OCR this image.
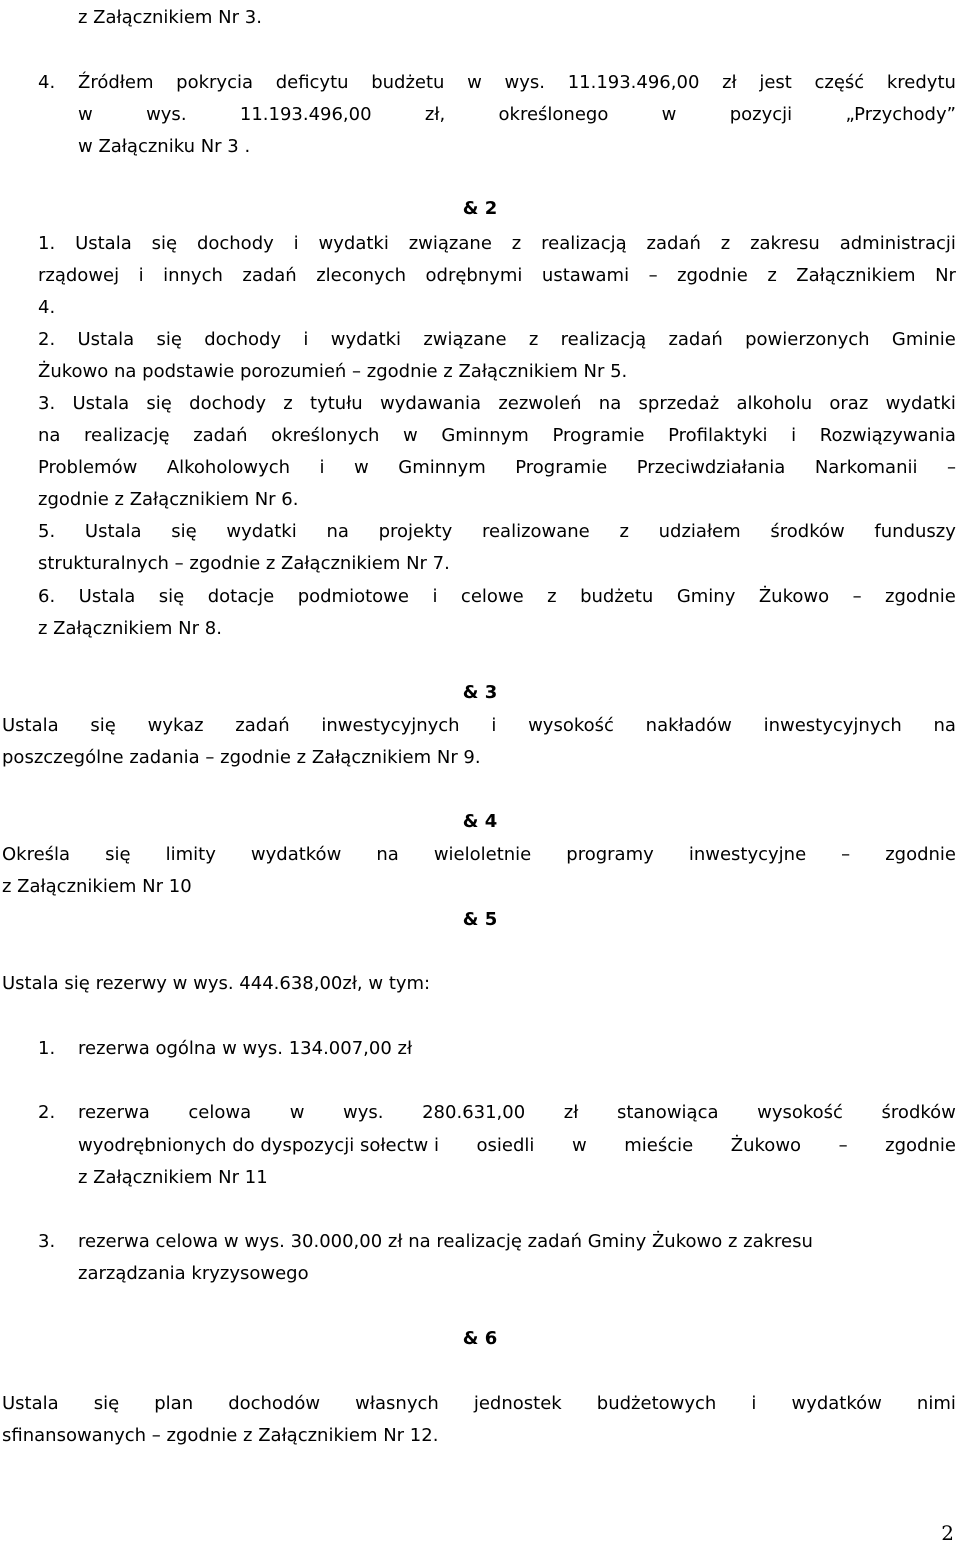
z Załącznikiem Nr 3.
4. Źródłem pokrycia deficytu budżetu w wys. 11.193.496,00 zł jest część kredytu
w	wys.	11.193.496,00	zł,	określonego	w	pozycji	„Przychody”
w Załączniku Nr 3 .
& 2
1. Ustala się dochody i wydatki związane z realizacją zadań z zakresu administracji
rządowej i innych zadań zleconych odrębnymi ustawami – zgodnie z Załącznikiem Nr
4.
2. Ustala się dochody i wydatki związane z realizacją zadań powierzonych Gminie
Żukowo na podstawie porozumień – zgodnie z Załącznikiem Nr 5.
3. Ustala się dochody z tytułu wydawania zezwoleń na sprzedaż alkoholu oraz wydatki
na realizację zadań określonych w Gminnym Programie Profilaktyki i Rozwiązywania
Problemów Alkoholowych i w Gminnym Programie Przeciwdziałania Narkomanii –
zgodnie z Załącznikiem Nr 6.
5. Ustala się wydatki na projekty realizowane z udziałem środków funduszy
strukturalnych – zgodnie z Załącznikiem Nr 7.
6. Ustala się dotacje podmiotowe i celowe z budżetu Gminy Żukowo – zgodnie
z Załącznikiem Nr 8.
& 3
Ustala się wykaz zadań inwestycyjnych i wysokość nakładów inwestycyjnych na
poszczególne zadania – zgodnie z Załącznikiem Nr 9.
& 4
Określa się limity wydatków na wieloletnie programy inwestycyjne – zgodnie
z Załącznikiem Nr 10
& 5
Ustala się rezerwy w wys. 444.638,00zł, w tym:
1. rezerwa ogólna w wys. 134.007,00 zł
2. rezerwa celowa w wys. 280.631,00 zł stanowiąca wysokość środków
wyodrębnionych do dyspozycji sołectw i osiedli w mieście Żukowo – zgodnie
z Załącznikiem Nr 11
3. rezerwa celowa w wys. 30.000,00 zł na realizację zadań Gminy Żukowo z zakresu
zarządzania kryzysowego
& 6
Ustala się plan dochodów własnych jednostek budżetowych i wydatków nimi
sfinansowanych – zgodnie z Załącznikiem Nr 12.
2
